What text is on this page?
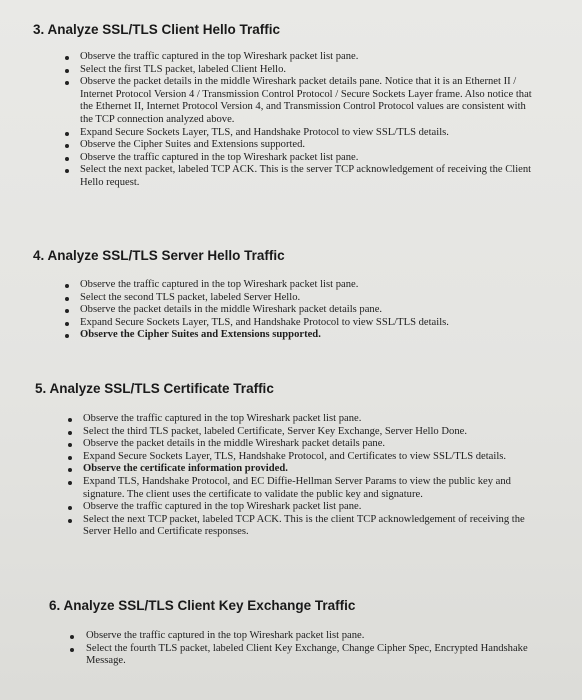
3. Analyze SSL/TLS Client Hello Traffic
Observe the traffic captured in the top Wireshark packet list pane.
Select the first TLS packet, labeled Client Hello.
Observe the packet details in the middle Wireshark packet details pane. Notice that it is an Ethernet II / Internet Protocol Version 4 / Transmission Control Protocol / Secure Sockets Layer frame. Also notice that the Ethernet II, Internet Protocol Version 4, and Transmission Control Protocol values are consistent with the TCP connection analyzed above.
Expand Secure Sockets Layer, TLS, and Handshake Protocol to view SSL/TLS details.
Observe the Cipher Suites and Extensions supported.
Observe the traffic captured in the top Wireshark packet list pane.
Select the next packet, labeled TCP ACK. This is the server TCP acknowledgement of receiving the Client Hello request.
4. Analyze SSL/TLS Server Hello Traffic
Observe the traffic captured in the top Wireshark packet list pane.
Select the second TLS packet, labeled Server Hello.
Observe the packet details in the middle Wireshark packet details pane.
Expand Secure Sockets Layer, TLS, and Handshake Protocol to view SSL/TLS details.
Observe the Cipher Suites and Extensions supported.
5. Analyze SSL/TLS Certificate Traffic
Observe the traffic captured in the top Wireshark packet list pane.
Select the third TLS packet, labeled Certificate, Server Key Exchange, Server Hello Done.
Observe the packet details in the middle Wireshark packet details pane.
Expand Secure Sockets Layer, TLS, Handshake Protocol, and Certificates to view SSL/TLS details.
Observe the certificate information provided.
Expand TLS, Handshake Protocol, and EC Diffie-Hellman Server Params to view the public key and signature. The client uses the certificate to validate the public key and signature.
Observe the traffic captured in the top Wireshark packet list pane.
Select the next TCP packet, labeled TCP ACK. This is the client TCP acknowledgement of receiving the Server Hello and Certificate responses.
6. Analyze SSL/TLS Client Key Exchange Traffic
Observe the traffic captured in the top Wireshark packet list pane.
Select the fourth TLS packet, labeled Client Key Exchange, Change Cipher Spec, Encrypted Handshake Message.
